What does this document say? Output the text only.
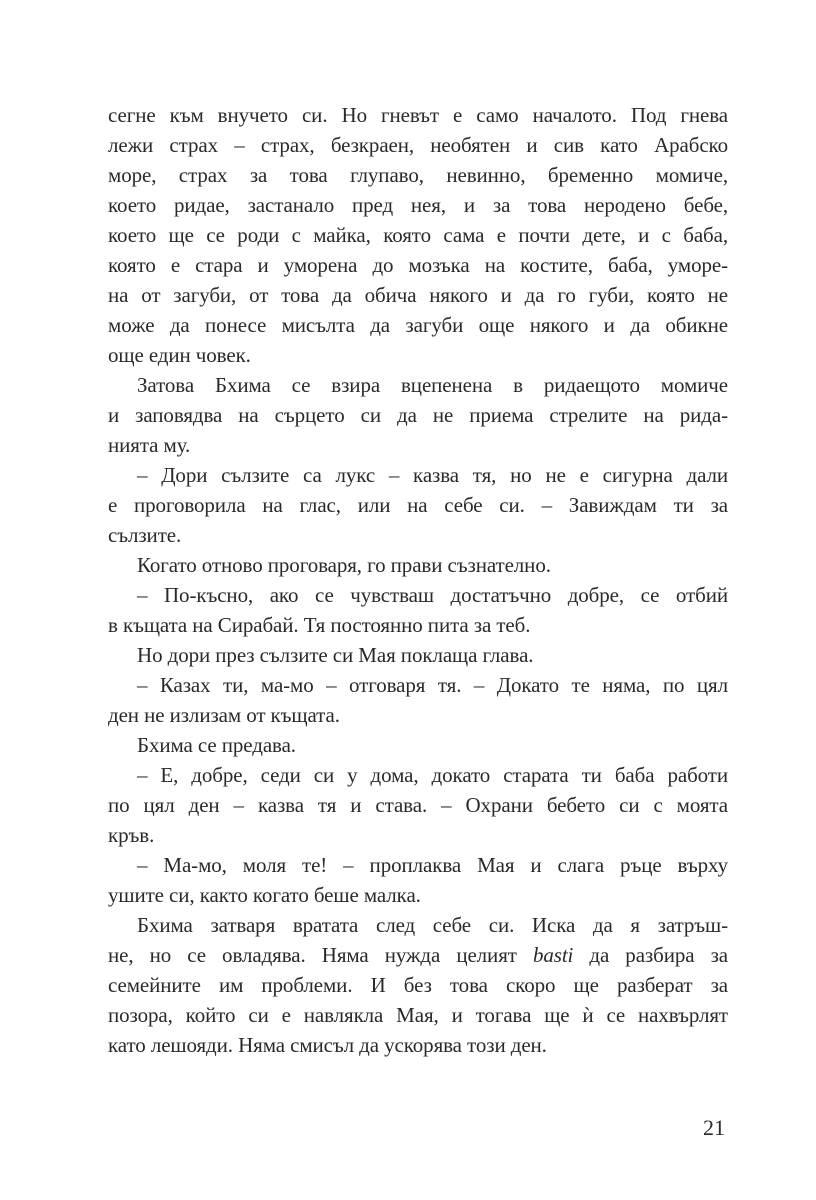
сегне към внучето си. Но гневът е само началото. Под гнева
лежи страх – страх, безкраен, необятен и сив като Арабско
море, страх за това глупаво, невинно, бременно момиче,
което ридае, застанало пред нея, и за това неродено бебе,
което ще се роди с майка, която сама е почти дете, и с баба,
която е стара и уморена до мозъка на костите, баба, уморе-
на от загуби, от това да обича някого и да го губи, която не
може да понесе мисълта да загуби още някого и да обикне
още един човек.
Затова Бхима се взира вцепенена в ридаещото момиче
и заповядва на сърцето си да не приема стрелите на рида-
нията му.
– Дори сълзите са лукс – казва тя, но не е сигурна дали
е проговорила на глас, или на себе си. – Завиждам ти за
сълзите.
Когато отново проговаря, го прави съзнателно.
– По-късно, ако се чувстваш достатъчно добре, се отбий
в къщата на Сирабай. Тя постоянно пита за теб.
Но дори през сълзите си Мая поклаща глава.
– Казах ти, ма-мо – отговаря тя. – Докато те няма, по цял
ден не излизам от къщата.
Бхима се предава.
– Е, добре, седи си у дома, докато старата ти баба работи
по цял ден – казва тя и става. – Охрани бебето си с моята
кръв.
– Ма-мо, моля те! – проплаква Мая и слага ръце върху
ушите си, както когато беше малка.
Бхима затваря вратата след себе си. Иска да я затръш-
не, но се овладява. Няма нужда целият basti да разбира за
семейните им проблеми. И без това скоро ще разберат за
позора, който си е навлякла Мая, и тогава ще ѝ се нахвърлят
като лешояди. Няма смисъл да ускорява този ден.
21
